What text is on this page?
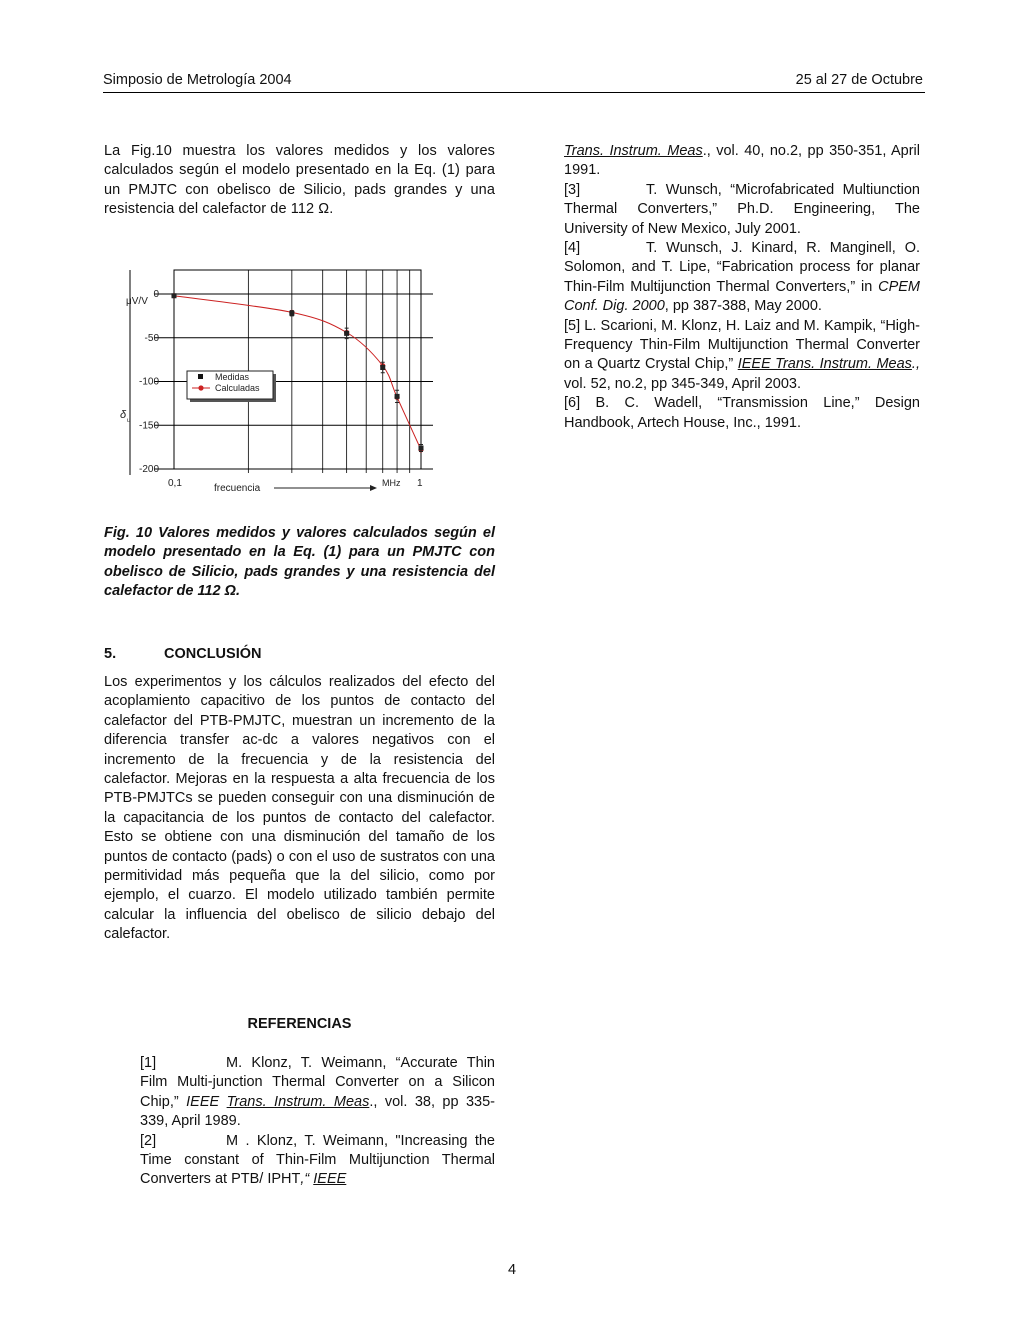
Simposio de Metrología 2004	25 al 27 de Octubre

La Fig.10 muestra los valores medidos y los valores calculados según el modelo presentado en la Eq. (1) para un PMJTC con obelisco de Silicio, pads grandes y una resistencia del calefactor de 112 Ω.

0
-50
-100
-150
-200
μV/V
δ u
0,1	1
MHz
frecuencia
Medidas
Calculadas

Fig. 10 Valores medidos y valores calculados según el modelo presentado en la Eq. (1) para un PMJTC con obelisco de Silicio, pads grandes y una resistencia del calefactor de 112 Ω.

5.	CONCLUSIÓN

Los experimentos y los cálculos realizados del efecto del acoplamiento capacitivo de los puntos de contacto del calefactor del PTB-PMJTC, muestran un incremento de la diferencia transfer ac-dc a valores negativos con el incremento de la frecuencia y de la resistencia del calefactor. Mejoras en la respuesta a alta frecuencia de los PTB-PMJTCs se pueden conseguir con una disminución de la capacitancia de los puntos de contacto del calefactor. Esto se obtiene con una disminución del tamaño de los puntos de contacto (pads) o con el uso de sustratos con una permitividad más pequeña que la del silicio, como por ejemplo, el cuarzo. El modelo utilizado también permite calcular la influencia del obelisco de silicio debajo del calefactor.

REFERENCIAS

[1]	M. Klonz, T. Weimann, “Accurate Thin Film Multi-junction Thermal Converter on a Silicon Chip,” IEEE Trans. Instrum. Meas., vol. 38, pp 335-339, April 1989.

[2]	M . Klonz, T. Weimann, "Increasing the Time constant of Thin-Film Multijunction Thermal Converters at PTB/ IPHT,“ IEEE

Trans. Instrum. Meas., vol. 40, no.2, pp 350-351, April 1991.

[3]	T. Wunsch, “Microfabricated Multiunction Thermal Converters,” Ph.D. Engineering, The University of New Mexico, July 2001.

[4]	T. Wunsch, J. Kinard, R. Manginell, O. Solomon, and T. Lipe, “Fabrication process for planar Thin-Film Multijunction Thermal Converters,” in CPEM Conf. Dig. 2000, pp 387-388, May 2000.

[5] L. Scarioni, M. Klonz, H. Laiz and M. Kampik, “High-Frequency Thin-Film Multijunction Thermal Converter on a Quartz Crystal Chip,” IEEE Trans. Instrum. Meas., vol. 52, no.2, pp 345-349, April 2003.

[6] B. C. Wadell, “Transmission Line,” Design Handbook, Artech House, Inc., 1991.

4
